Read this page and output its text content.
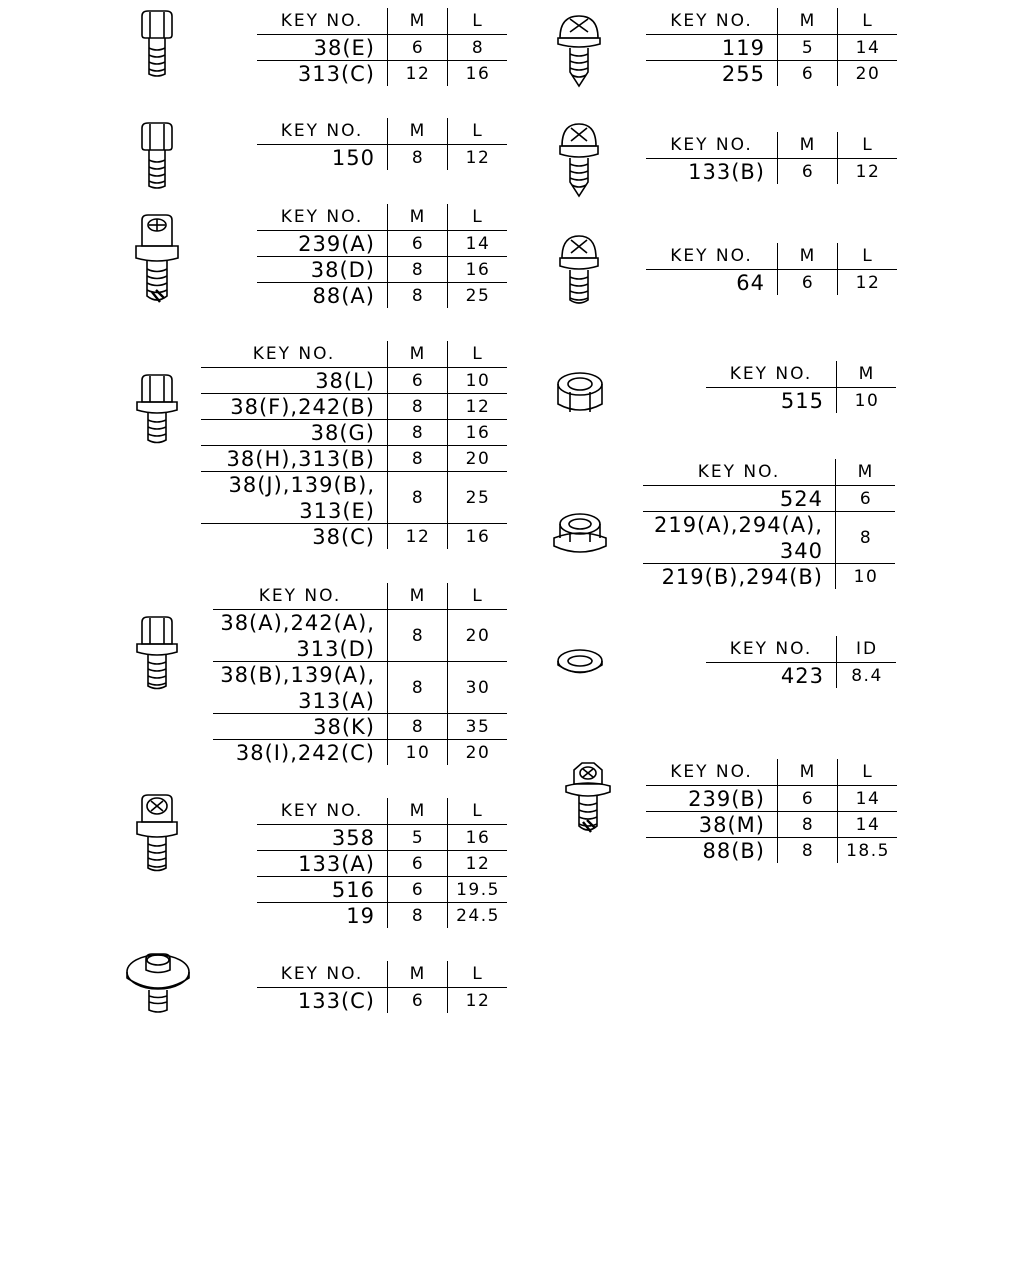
KEY NO.	M	L
38(E) 6	8
313(C) 12 16
KEY NO.	M	L
150 8 12
KEY NO.	M	L
239(A) 6 14
38(D) 8 16
88(A) 8 25
KEY NO.	M	L
38(L) 6 10
38(F),242(B) 8 12
38(G) 8 16
38(H),313(B) 8 20
38(J),139(B),
313(E)
8 25
38(C) 12 16
KEY NO.	M	L
38(A),242(A),
313(D)
8 20
38(B),139(A),
313(A)
8 30
38(K) 8 35
38(I),242(C) 10 20
KEY NO.	M	L
358 5 16
133(A) 6 12
516 6 19.5
19 8 24.5
KEY NO.	M	L
133(C) 6 12
KEY NO.	M	L
119 5 14
255 6 20
KEY NO.	M	L
133(B) 6 12
KEY NO.	M	L
64 6 12
KEY NO.	M
515 10
KEY NO.	M
524 6
219(A),294(A),
340
8
219(B),294(B) 10
KEY NO.	ID
423 8.4
KEY NO.	M	L
239(B) 6 14
38(M) 8 14
88(B) 8 18.5
